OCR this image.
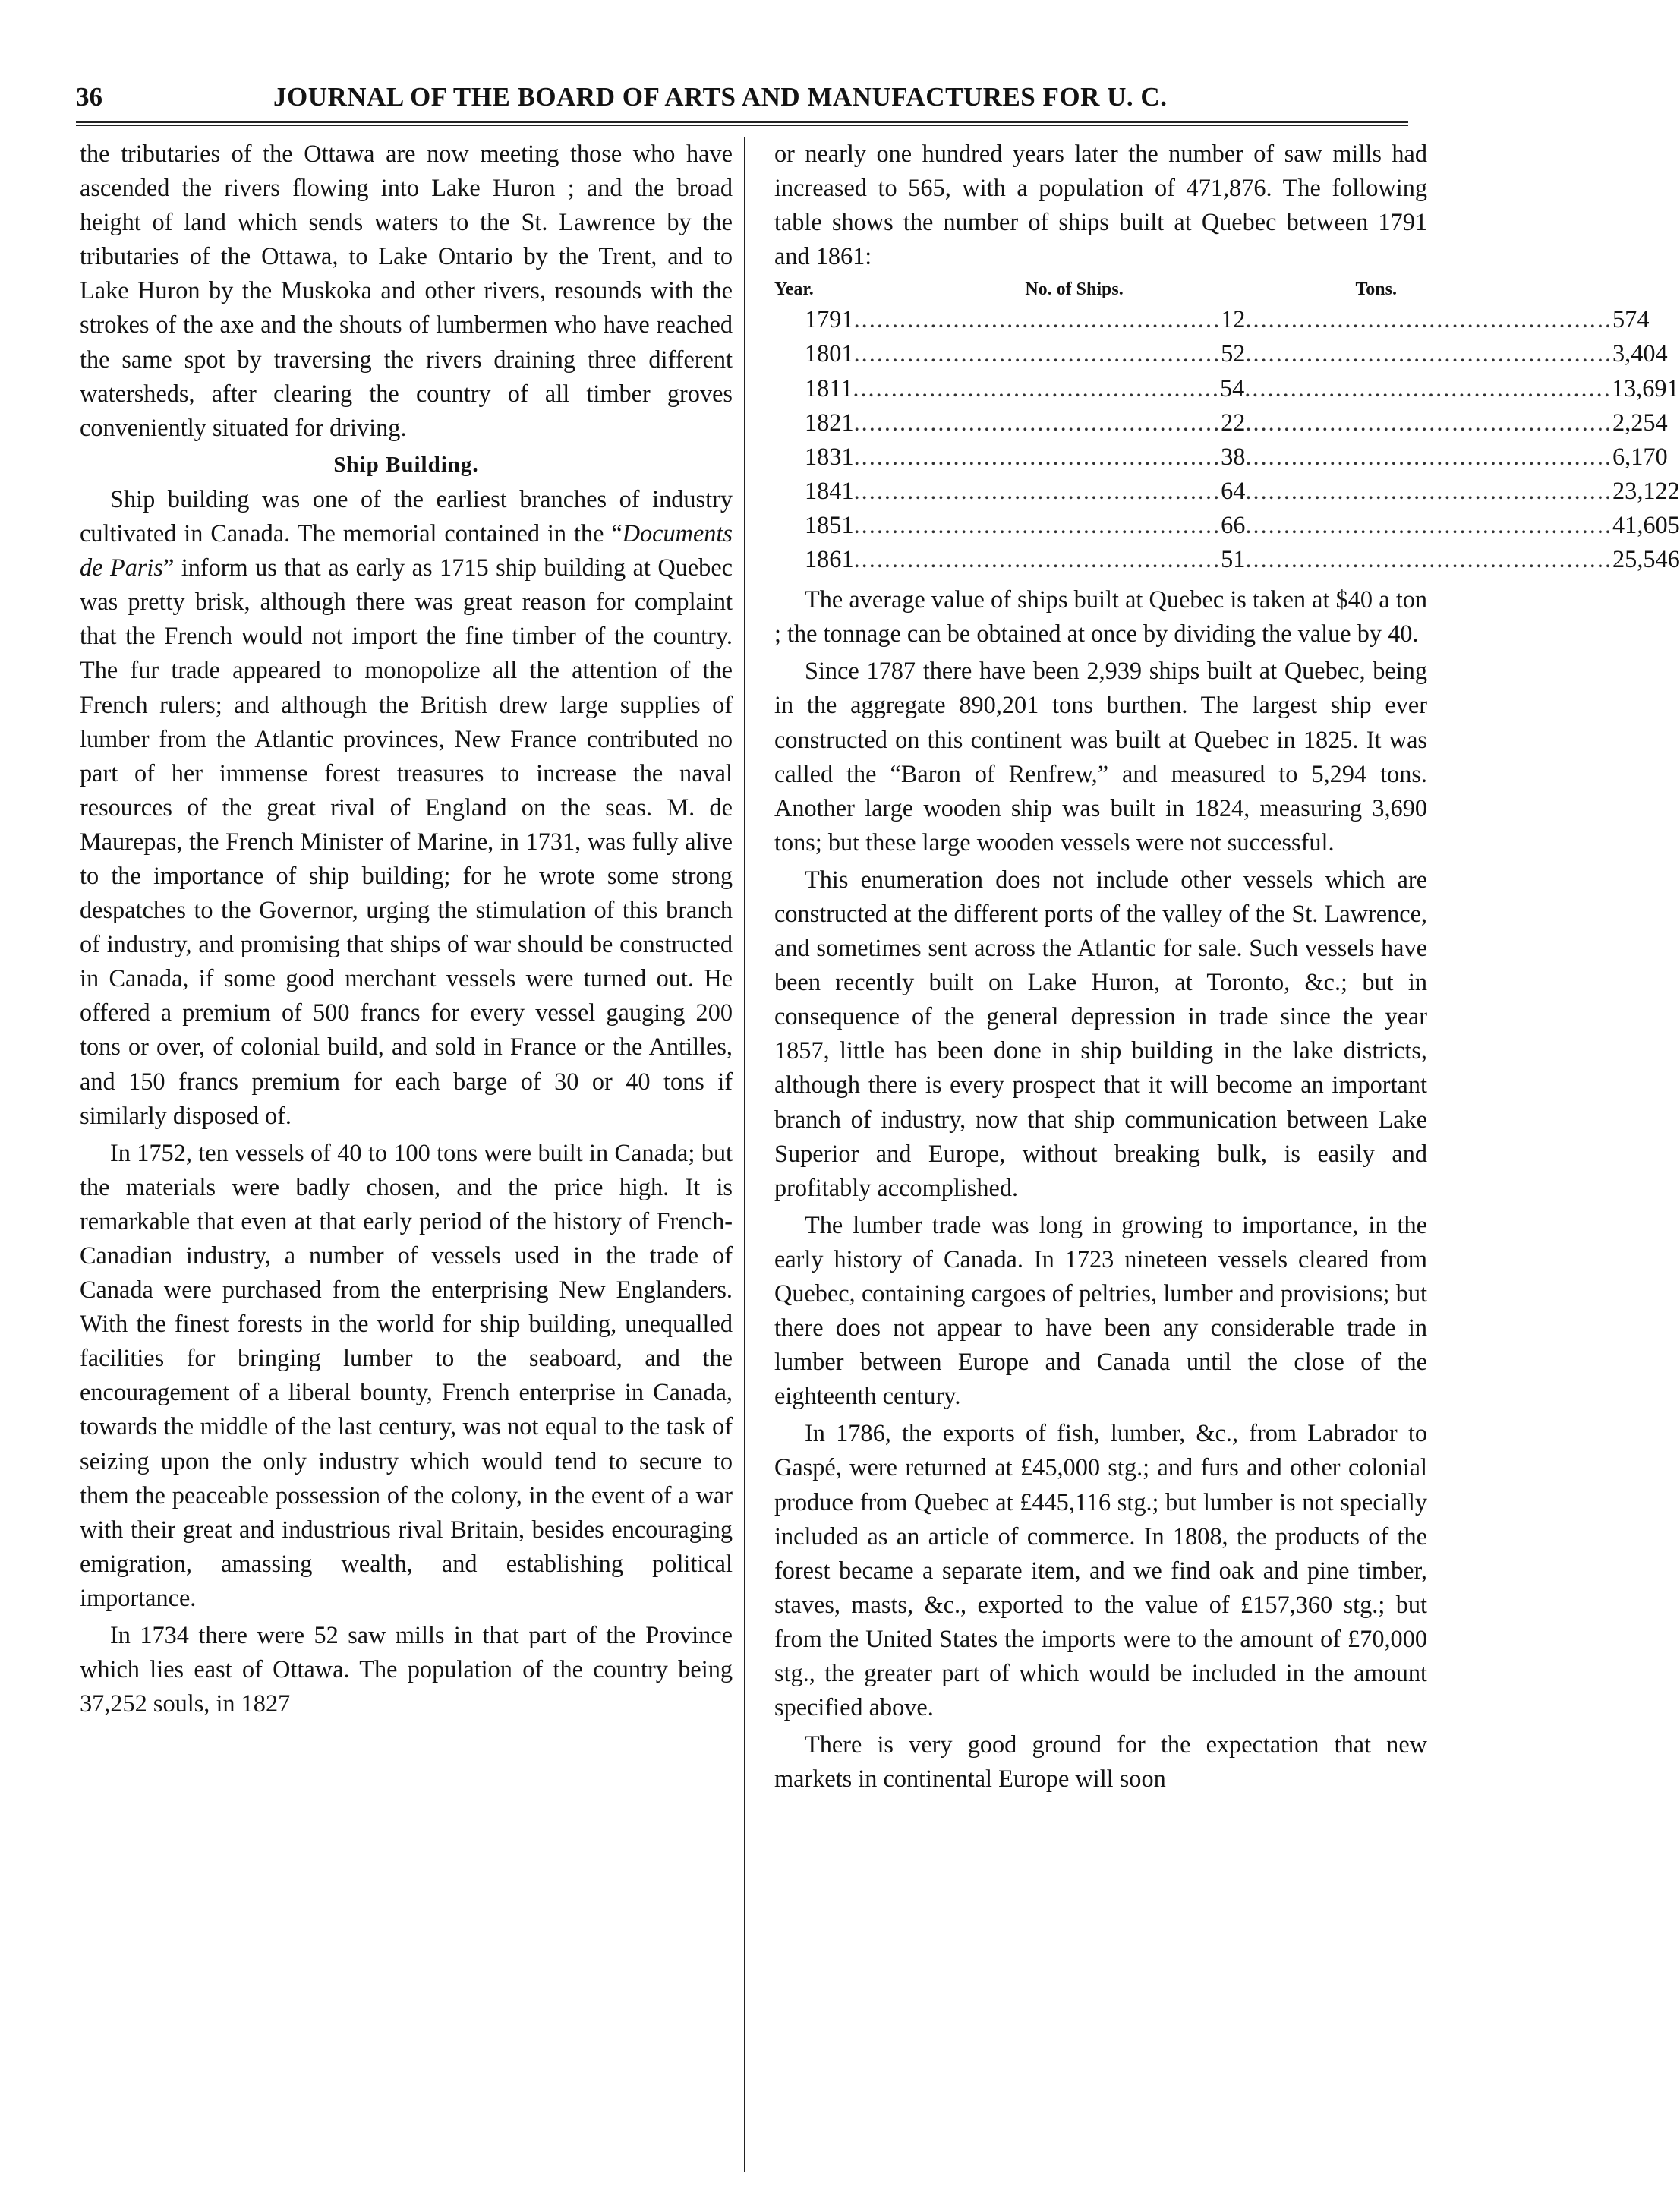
36	JOURNAL OF THE BOARD OF ARTS AND MANUFACTURES FOR U. C.

the tributaries of the Ottawa are now meeting those who have ascended the rivers flowing into Lake Huron ; and the broad height of land which sends waters to the St. Lawrence by the tributaries of the Ottawa, to Lake Ontario by the Trent, and to Lake Huron by the Muskoka and other rivers, resounds with the strokes of the axe and the shouts of lumbermen who have reached the same spot by traversing the rivers draining three different watersheds, after clearing the country of all timber groves conveniently situated for driving.

Ship Building.

Ship building was one of the earliest branches of industry cultivated in Canada. The memorial contained in the “Documents de Paris” inform us that as early as 1715 ship building at Quebec was pretty brisk, although there was great reason for complaint that the French would not import the fine timber of the country. The fur trade appeared to monopolize all the attention of the French rulers; and although the British drew large supplies of lumber from the Atlantic provinces, New France contributed no part of her immense forest treasures to increase the naval resources of the great rival of England on the seas. M. de Maurepas, the French Minister of Marine, in 1731, was fully alive to the importance of ship building; for he wrote some strong despatches to the Governor, urging the stimulation of this branch of industry, and promising that ships of war should be constructed in Canada, if some good merchant vessels were turned out. He offered a premium of 500 francs for every vessel gauging 200 tons or over, of colonial build, and sold in France or the Antilles, and 150 francs premium for each barge of 30 or 40 tons if similarly disposed of.

In 1752, ten vessels of 40 to 100 tons were built in Canada; but the materials were badly chosen, and the price high. It is remarkable that even at that early period of the history of French-Canadian industry, a number of vessels used in the trade of Canada were purchased from the enterprising New Englanders. With the finest forests in the world for ship building, unequalled facilities for bringing lumber to the seaboard, and the encouragement of a liberal bounty, French enterprise in Canada, towards the middle of the last century, was not equal to the task of seizing upon the only industry which would tend to secure to them the peaceable possession of the colony, in the event of a war with their great and industrious rival Britain, besides encouraging emigration, amassing wealth, and establishing political importance.

In 1734 there were 52 saw mills in that part of the Province which lies east of Ottawa. The population of the country being 37,252 souls, in 1827

or nearly one hundred years later the number of saw mills had increased to 565, with a population of 471,876. The following table shows the number of ships built at Quebec between 1791 and 1861:

Year.	No. of Ships.	Tons.
1791 ................................................ 12 ................................................ 574
1801 ................................................ 52 ................................................ 3,404
1811 ................................................ 54 ................................................ 13,691
1821 ................................................ 22 ................................................ 2,254
1831 ................................................ 38 ................................................ 6,170
1841 ................................................ 64 ................................................ 23,122
1851 ................................................ 66 ................................................ 41,605
1861 ................................................ 51 ................................................ 25,546

The average value of ships built at Quebec is taken at $40 a ton ; the tonnage can be obtained at once by dividing the value by 40.

Since 1787 there have been 2,939 ships built at Quebec, being in the aggregate 890,201 tons burthen. The largest ship ever constructed on this continent was built at Quebec in 1825. It was called the “Baron of Renfrew,” and measured to 5,294 tons. Another large wooden ship was built in 1824, measuring 3,690 tons; but these large wooden vessels were not successful.

This enumeration does not include other vessels which are constructed at the different ports of the valley of the St. Lawrence, and sometimes sent across the Atlantic for sale. Such vessels have been recently built on Lake Huron, at Toronto, &c.; but in consequence of the general depression in trade since the year 1857, little has been done in ship building in the lake districts, although there is every prospect that it will become an important branch of industry, now that ship communication between Lake Superior and Europe, without breaking bulk, is easily and profitably accomplished.

The lumber trade was long in growing to importance, in the early history of Canada. In 1723 nineteen vessels cleared from Quebec, containing cargoes of peltries, lumber and provisions; but there does not appear to have been any considerable trade in lumber between Europe and Canada until the close of the eighteenth century.

In 1786, the exports of fish, lumber, &c., from Labrador to Gaspé, were returned at £45,000 stg.; and furs and other colonial produce from Quebec at £445,116 stg.; but lumber is not specially included as an article of commerce. In 1808, the products of the forest became a separate item, and we find oak and pine timber, staves, masts, &c., exported to the value of £157,360 stg.; but from the United States the imports were to the amount of £70,000 stg., the greater part of which would be included in the amount specified above.

There is very good ground for the expectation that new markets in continental Europe will soon
